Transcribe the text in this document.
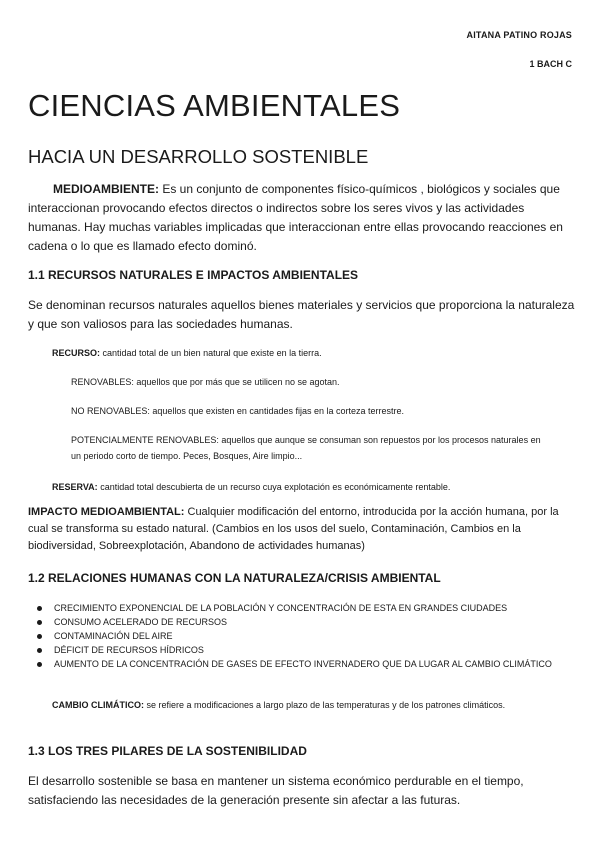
AITANA PATINO ROJAS
1 BACH C
CIENCIAS AMBIENTALES
HACIA UN DESARROLLO SOSTENIBLE

MEDIOAMBIENTE: Es un conjunto de componentes físico-químicos , biológicos y sociales que interaccionan provocando efectos directos o indirectos sobre los seres vivos y las actividades humanas. Hay muchas variables implicadas que interaccionan entre ellas provocando reacciones en cadena o lo que es llamado efecto dominó.

1.1 RECURSOS NATURALES E IMPACTOS AMBIENTALES

Se denominan recursos naturales aquellos bienes materiales y servicios que proporciona la naturaleza y que son valiosos para las sociedades humanas.

RECURSO: cantidad total de un bien natural que existe en la tierra.

RENOVABLES: aquellos que por más que se utilicen no se agotan.

NO RENOVABLES: aquellos que existen en cantidades fijas en la corteza terrestre.

POTENCIALMENTE RENOVABLES: aquellos que aunque se consuman son repuestos por los procesos naturales en un periodo corto de tiempo. Peces, Bosques, Aire limpio...

RESERVA: cantidad total descubierta de un recurso cuya explotación es económicamente rentable.

IMPACTO MEDIOAMBIENTAL: Cualquier modificación del entorno, introducida por la acción humana, por la cual se transforma su estado natural. (Cambios en los usos del suelo, Contaminación, Cambios en la biodiversidad, Sobreexplotación, Abandono de actividades humanas)

1.2 RELACIONES HUMANAS CON LA NATURALEZA/CRISIS AMBIENTAL
CRECIMIENTO EXPONENCIAL DE LA POBLACIÓN Y CONCENTRACIÓN DE ESTA EN GRANDES CIUDADES
CONSUMO ACELERADO DE RECURSOS
CONTAMINACIÓN DEL AIRE
DÉFICIT DE RECURSOS HÍDRICOS
AUMENTO DE LA CONCENTRACIÓN DE GASES DE EFECTO INVERNADERO QUE DA LUGAR AL CAMBIO CLIMÁTICO

CAMBIO CLIMÁTICO: se refiere a modificaciones a largo plazo de las temperaturas y de los patrones climáticos.

1.3 LOS TRES PILARES DE LA SOSTENIBILIDAD

El desarrollo sostenible se basa en mantener un sistema económico perdurable en el tiempo, satisfaciendo las necesidades de la generación presente sin afectar a las futuras.
